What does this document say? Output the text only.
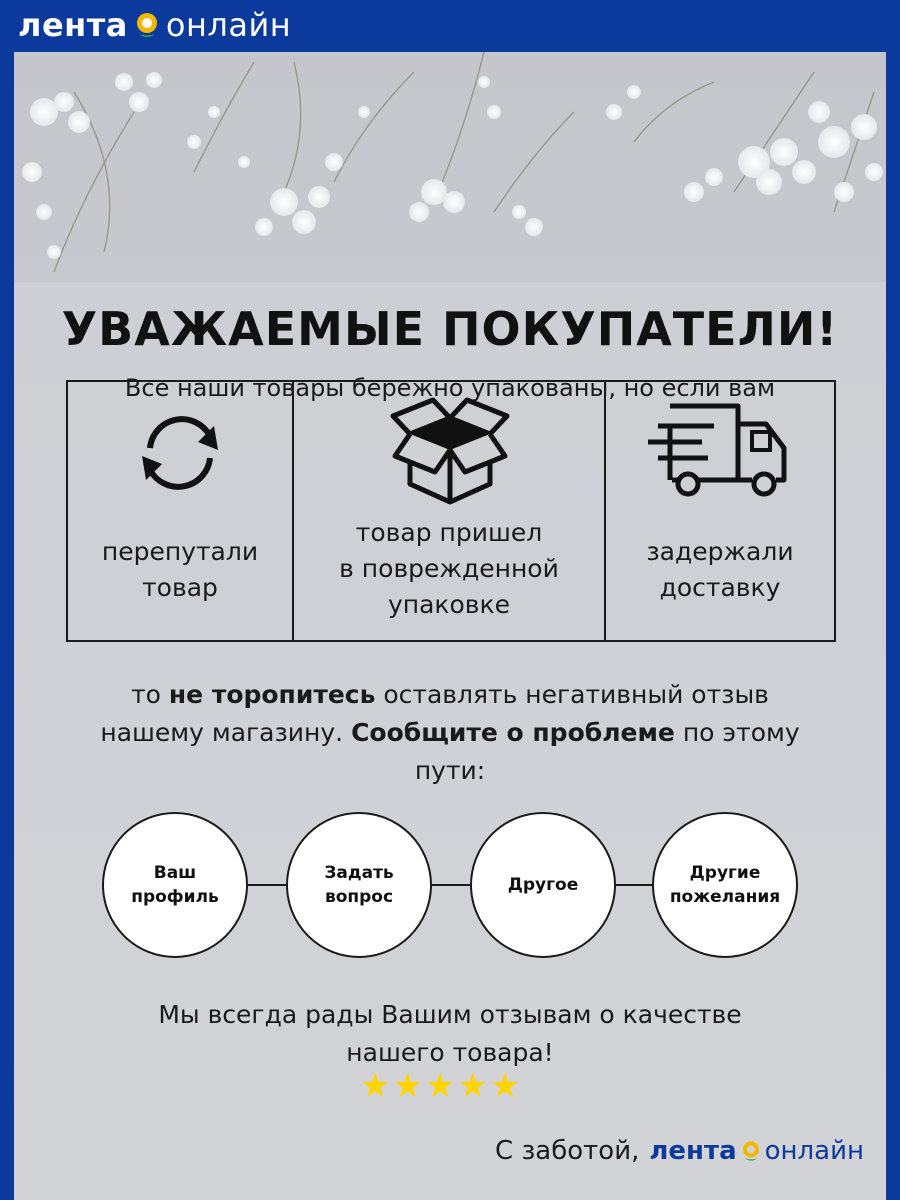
лента онлайн
УВАЖАЕМЫЕ ПОКУПАТЕЛИ!
Все наши товары бережно упакованы, но если вам
перепутали
товар
товар пришел
в поврежденной
упаковке
задержали
доставку
то не торопитесь оставлять негативный отзыв
нашему магазину. Сообщите о проблеме по этому
пути:
Ваш
профиль
Задать
вопрос
Другое
Другие
пожелания
Мы всегда рады Вашим отзывам о качестве
нашего товара!
★ ★ ★ ★ ★
С заботой, лента онлайн
